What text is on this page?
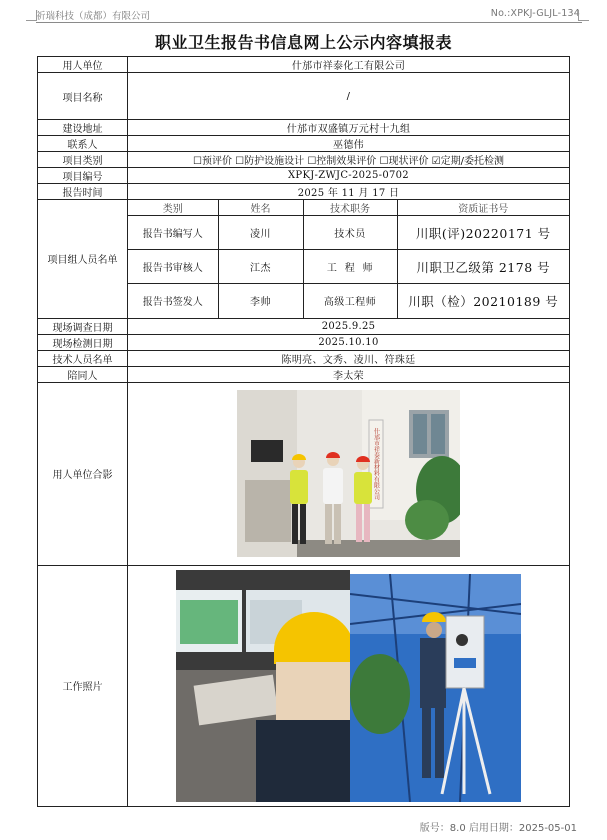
祈瑞科技（成都）有限公司	No.:XPKJ-GLJL-134
职业卫生报告书信息网上公示内容填报表
用人单位	什邡市祥泰化工有限公司
项目名称	/
建设地址	什邡市双盛镇万元村十九组
联系人	巫德伟
项目类别	☐预评价 ☐防护设施设计 ☐控制效果评价 ☐现状评价 ☑定期/委托检测
项目编号	XPKJ-ZWJC-2025-0702
报告时间	2025 年 11 月 17 日
项目组人员名单	
类别	姓名	技术职务	资质证书号
报告书编写人	凌川	技术员	川职(评)20220171 号
报告书审核人	江杰	工  程  师	川职卫乙级第 2178 号
报告书签发人	李帅	高级工程师	川职（检）20210189 号

现场调查日期	2025.9.25
现场检测日期	2025.10.10
技术人员名单	陈明亮、文秀、凌川、符珠廷
陪同人	李太荣
用人单位合影	
工作照片	
什邡市祥泰新材料有限公司
版号：8.0 启用日期：2025-05-01
